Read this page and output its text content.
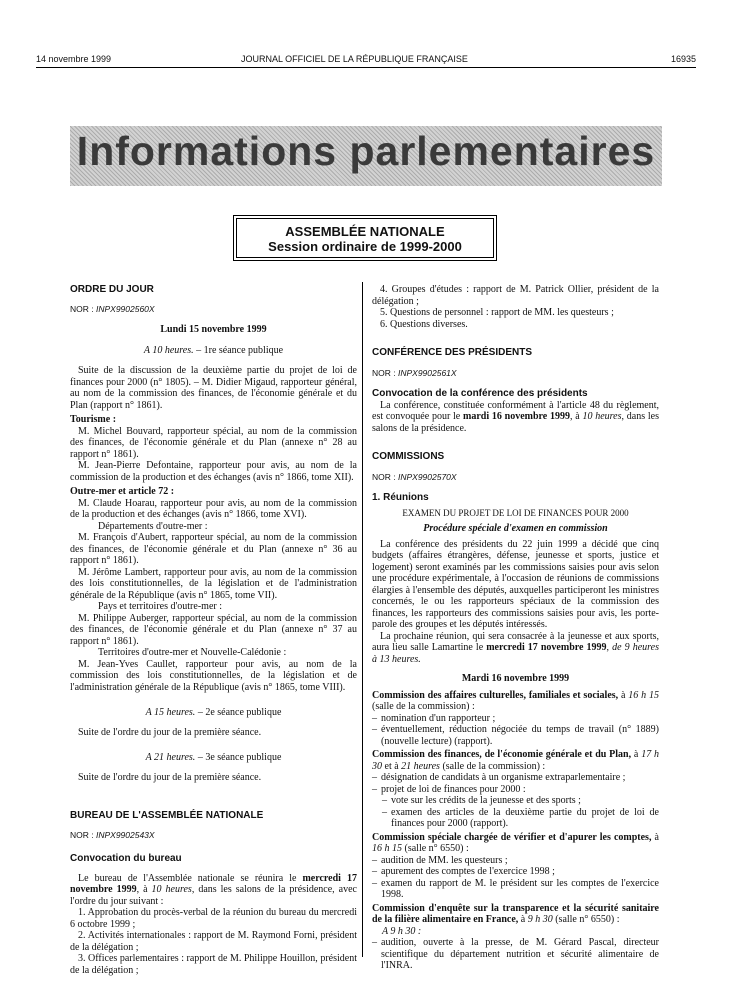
14 novembre 1999	JOURNAL OFFICIEL DE LA RÉPUBLIQUE FRANÇAISE	16935
Informations parlementaires
ASSEMBLÉE NATIONALE
Session ordinaire de 1999-2000

ORDRE DU JOUR

NOR : INPX9902560X

Lundi 15 novembre 1999

A 10 heures. – 1re séance publique

Suite de la discussion de la deuxième partie du projet de loi de finances pour 2000 (n° 1805). – M. Didier Migaud, rapporteur général, au nom de la commission des finances, de l'économie générale et du Plan (rapport n° 1861).

Tourisme :

M. Michel Bouvard, rapporteur spécial, au nom de la commission des finances, de l'économie générale et du Plan (annexe n° 28 au rapport n° 1861).

M. Jean-Pierre Defontaine, rapporteur pour avis, au nom de la commission de la production et des échanges (avis n° 1866, tome XII).

Outre-mer et article 72 :

M. Claude Hoarau, rapporteur pour avis, au nom de la commission de la production et des échanges (avis n° 1866, tome XVI).

Départements d'outre-mer :

M. François d'Aubert, rapporteur spécial, au nom de la commission des finances, de l'économie générale et du Plan (annexe n° 36 au rapport n° 1861).

M. Jérôme Lambert, rapporteur pour avis, au nom de la commission des lois constitutionnelles, de la législation et de l'administration générale de la République (avis n° 1865, tome VII).

Pays et territoires d'outre-mer :

M. Philippe Auberger, rapporteur spécial, au nom de la commission des finances, de l'économie générale et du Plan (annexe n° 37 au rapport n° 1861).

Territoires d'outre-mer et Nouvelle-Calédonie :

M. Jean-Yves Caullet, rapporteur pour avis, au nom de la commission des lois constitutionnelles, de la législation et de l'administration générale de la République (avis n° 1865, tome VIII).

A 15 heures. – 2e séance publique

Suite de l'ordre du jour de la première séance.

A 21 heures. – 3e séance publique

Suite de l'ordre du jour de la première séance.

BUREAU DE L'ASSEMBLÉE NATIONALE

NOR : INPX9902543X

Convocation du bureau

Le bureau de l'Assemblée nationale se réunira le mercredi 17 novembre 1999, à 10 heures, dans les salons de la présidence, avec l'ordre du jour suivant :

1. Approbation du procès-verbal de la réunion du bureau du mercredi 6 octobre 1999 ;

2. Activités internationales : rapport de M. Raymond Forni, président de la délégation ;

3. Offices parlementaires : rapport de M. Philippe Houillon, président de la délégation ;

4. Groupes d'études : rapport de M. Patrick Ollier, président de la délégation ;

5. Questions de personnel : rapport de MM. les questeurs ;

6. Questions diverses.

CONFÉRENCE DES PRÉSIDENTS

NOR : INPX9902561X

Convocation de la conférence des présidents

La conférence, constituée conformément à l'article 48 du règlement, est convoquée pour le mardi 16 novembre 1999, à 10 heures, dans les salons de la présidence.

COMMISSIONS

NOR : INPX9902570X

1. Réunions

EXAMEN DU PROJET DE LOI DE FINANCES POUR 2000

Procédure spéciale d'examen en commission

La conférence des présidents du 22 juin 1999 a décidé que cinq budgets (affaires étrangères, défense, jeunesse et sports, justice et logement) seront examinés par les commissions saisies pour avis selon une procédure expérimentale, à l'occasion de réunions de commissions élargies à l'ensemble des députés, auxquelles participeront les ministres concernés, le ou les rapporteurs spéciaux de la commission des finances, les rapporteurs des commissions saisies pour avis, les porte-parole des groupes et les députés intéressés.

La prochaine réunion, qui sera consacrée à la jeunesse et aux sports, aura lieu salle Lamartine le mercredi 17 novembre 1999, de 9 heures à 13 heures.

Mardi 16 novembre 1999

Commission des affaires culturelles, familiales et sociales, à 16 h 15 (salle de la commission) :

– nomination d'un rapporteur ;

– éventuellement, réduction négociée du temps de travail (n° 1889) (nouvelle lecture) (rapport).

Commission des finances, de l'économie générale et du Plan, à 17 h 30 et à 21 heures (salle de la commission) :

– désignation de candidats à un organisme extraparlementaire ;

– projet de loi de finances pour 2000 :

– vote sur les crédits de la jeunesse et des sports ;

– examen des articles de la deuxième partie du projet de loi de finances pour 2000 (rapport).

Commission spéciale chargée de vérifier et d'apurer les comptes, à 16 h 15 (salle n° 6550) :

– audition de MM. les questeurs ;

– apurement des comptes de l'exercice 1998 ;

– examen du rapport de M. le président sur les comptes de l'exercice 1998.

Commission d'enquête sur la transparence et la sécurité sanitaire de la filière alimentaire en France, à 9 h 30 (salle n° 6550) :

A 9 h 30 :

– audition, ouverte à la presse, de M. Gérard Pascal, directeur scientifique du département nutrition et sécurité alimentaire de l'INRA.
